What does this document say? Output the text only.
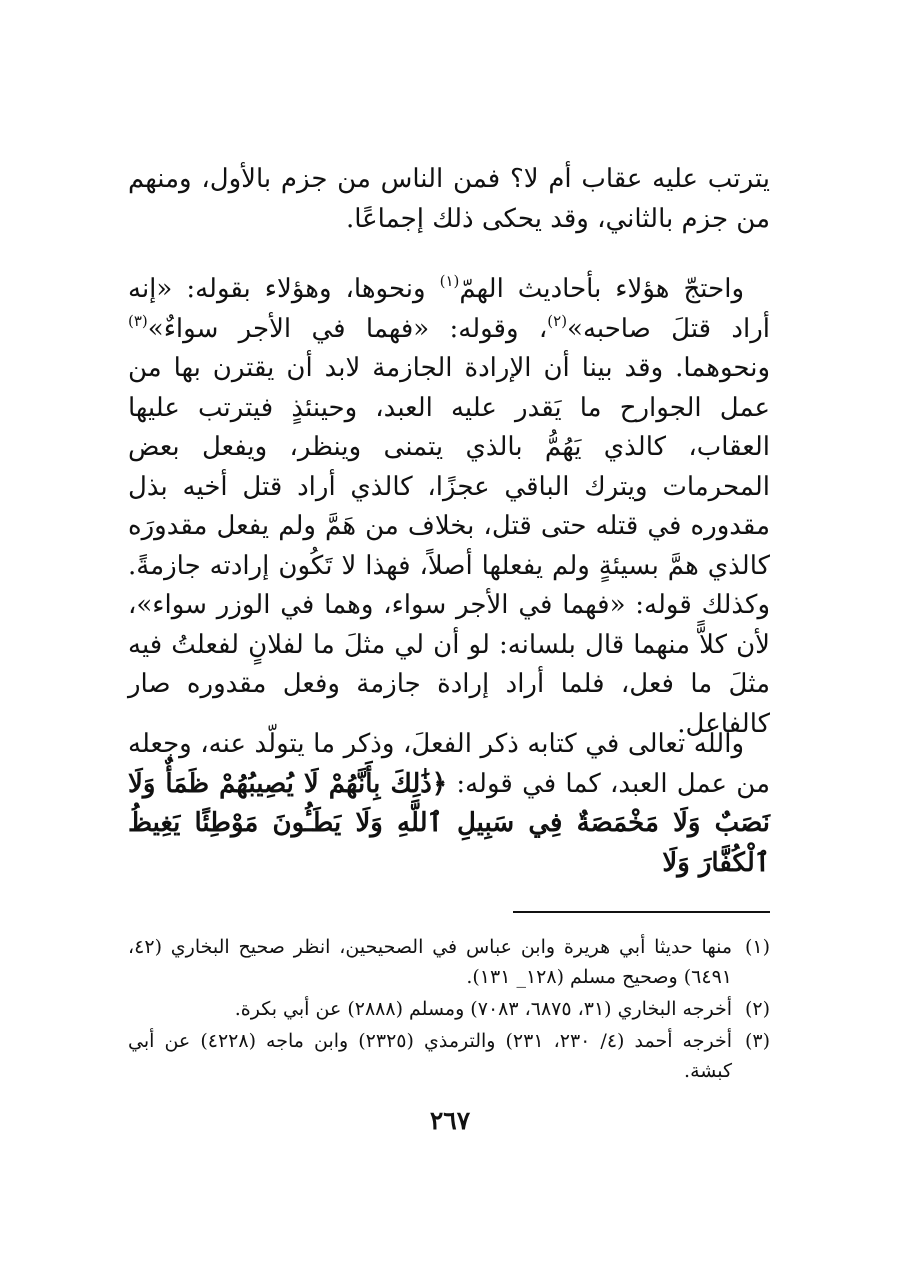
يترتب عليه عقاب أم لا؟ فمن الناس من جزم بالأول، ومنهم من جزم بالثاني، وقد يحكى ذلك إجماعًا.

واحتجّ هؤلاء بأحاديث الهمّ$^{(١)}$ ونحوها، وهؤلاء بقوله: «إنه أراد قتلَ صاحبه»$^{(٢)}$، وقوله: «فهما في الأجر سواءٌ»$^{(٣)}$ ونحوهما. وقد بينا أن الإرادة الجازمة لابد أن يقترن بها من عمل الجوارح ما يَقدر عليه العبد، وحينئذٍ فيترتب عليها العقاب، كالذي يَهُمُّ بالذي يتمنى وينظر، ويفعل بعض المحرمات ويترك الباقي عجزًا، كالذي أراد قتل أخيه بذل مقدوره في قتله حتى قتل، بخلاف من هَمَّ ولم يفعل مقدورَه كالذي همَّ بسيئةٍ ولم يفعلها أصلاً، فهذا لا تَكُون إرادته جازمةً. وكذلك قوله: «فهما في الأجر سواء، وهما في الوزر سواء»، لأن كلاًّ منهما قال بلسانه: لو أن لي مثلَ ما لفلانٍ لفعلتُ فيه مثلَ ما فعل، فلما أراد إرادة جازمة وفعل مقدوره صار كالفاعل.

والله تعالى في كتابه ذكر الفعلَ، وذكر ما يتولّد عنه، وجعله من عمل العبد، كما في قوله: ﴿ذَٰلِكَ بِأَنَّهُمْ لَا يُصِيبُهُمْ ظَمَأٌ وَلَا نَصَبٌ وَلَا مَخْمَصَةٌ فِي سَبِيلِ ٱللَّهِ وَلَا يَطَـُٔونَ مَوْطِئًا يَغِيظُ ٱلْكُفَّارَ وَلَا

(١)
منها حديثا أبي هريرة وابن عباس في الصحيحين، انظر صحيح البخاري (٤٢، ٦٤٩١) وصحيح مسلم (١٢٨_ ١٣١).
(٢)
أخرجه البخاري (٣١، ٦٨٧٥، ٧٠٨٣) ومسلم (٢٨٨٨) عن أبي بكرة.
(٣)
أخرجه أحمد (٤/ ٢٣٠، ٢٣١) والترمذي (٢٣٢٥) وابن ماجه (٤٢٢٨) عن أبي كبشة.
٢٦٧
